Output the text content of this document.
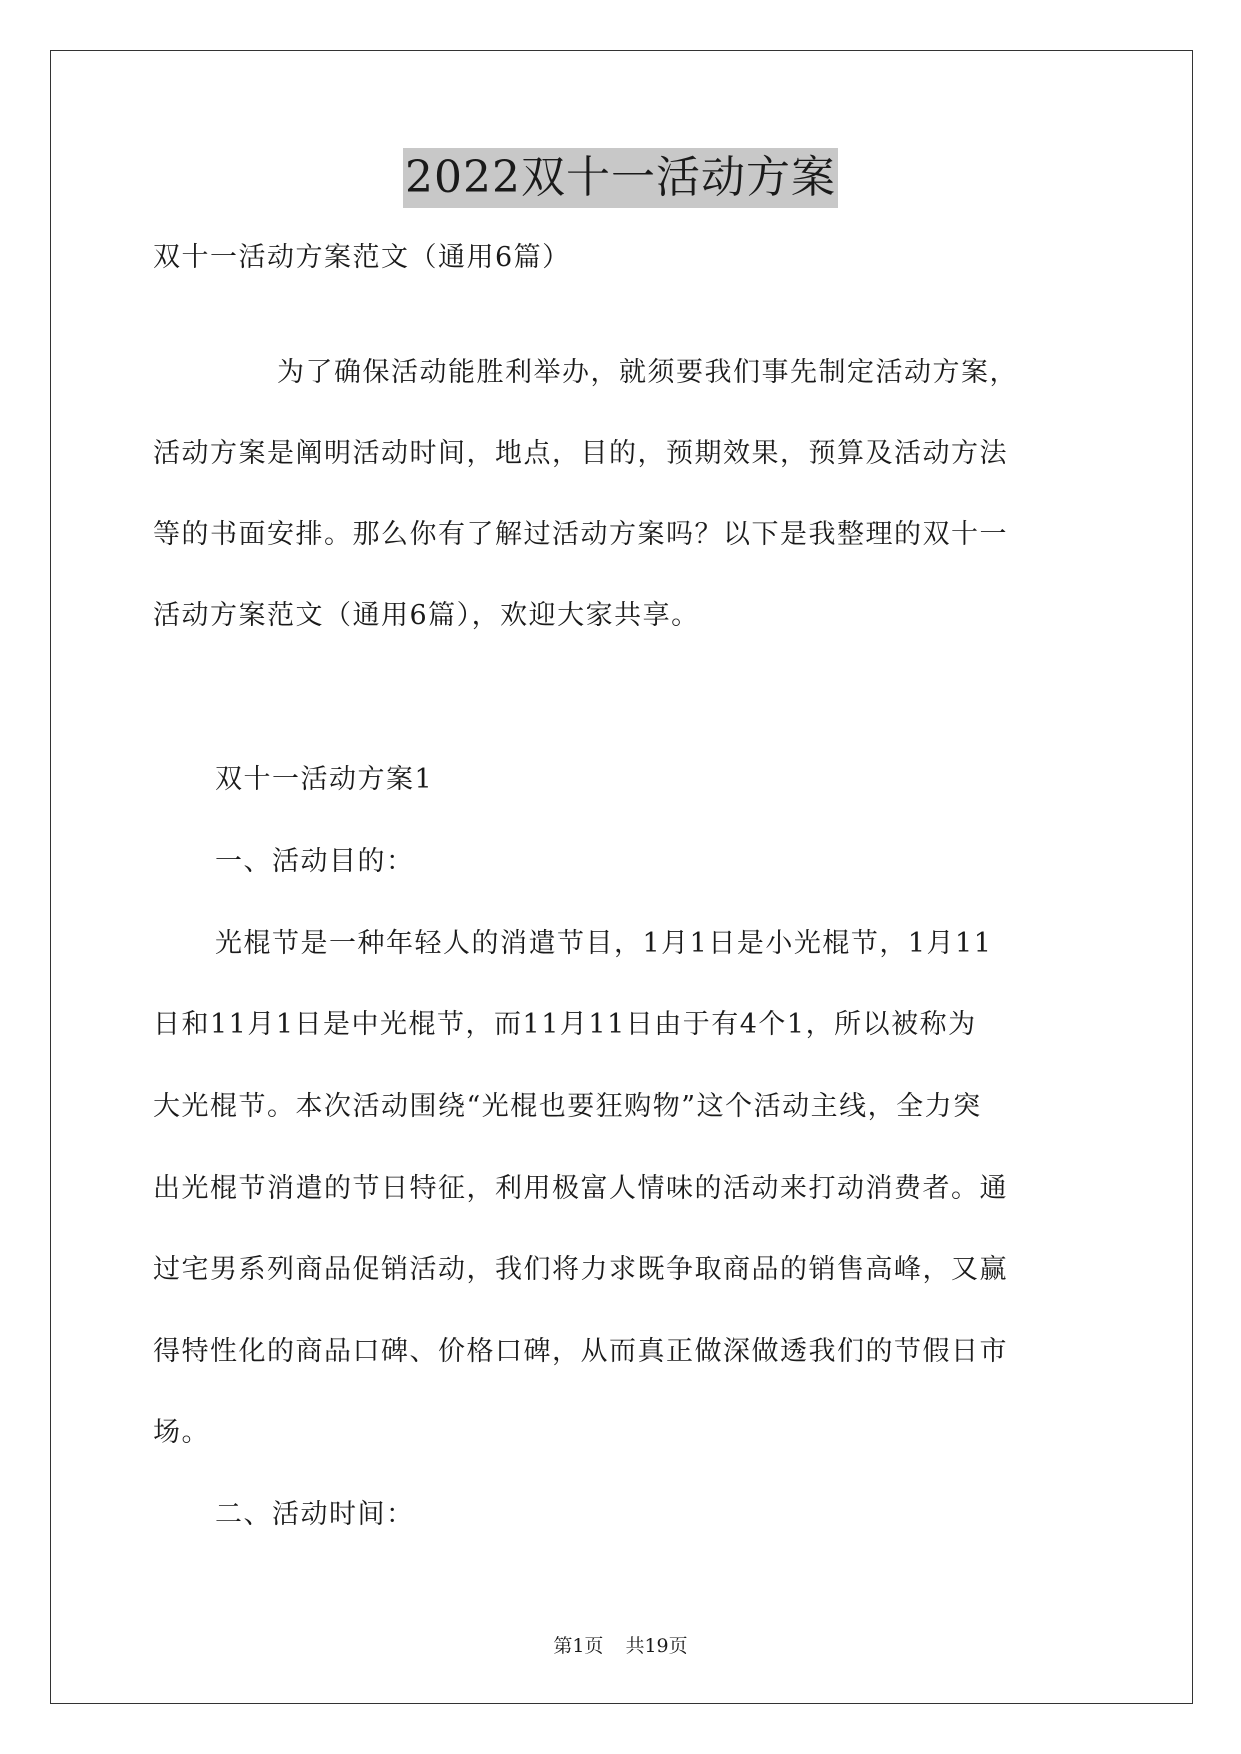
2022双十一活动方案
双十一活动方案范文（通用6篇）
为了确保活动能胜利举办，就须要我们事先制定活动方案，
活动方案是阐明活动时间，地点，目的，预期效果，预算及活动方法
等的书面安排。那么你有了解过活动方案吗？以下是我整理的双十一
活动方案范文（通用6篇），欢迎大家共享。
双十一活动方案1
一、活动目的：
光棍节是一种年轻人的消遣节目，1月1日是小光棍节，1月11
日和11月1日是中光棍节，而11月11日由于有4个1，所以被称为
大光棍节。本次活动围绕“光棍也要狂购物”这个活动主线，全力突
出光棍节消遣的节日特征，利用极富人情味的活动来打动消费者。通
过宅男系列商品促销活动，我们将力求既争取商品的销售高峰，又赢
得特性化的商品口碑、价格口碑，从而真正做深做透我们的节假日市
场。
二、活动时间：
第1页 共19页
